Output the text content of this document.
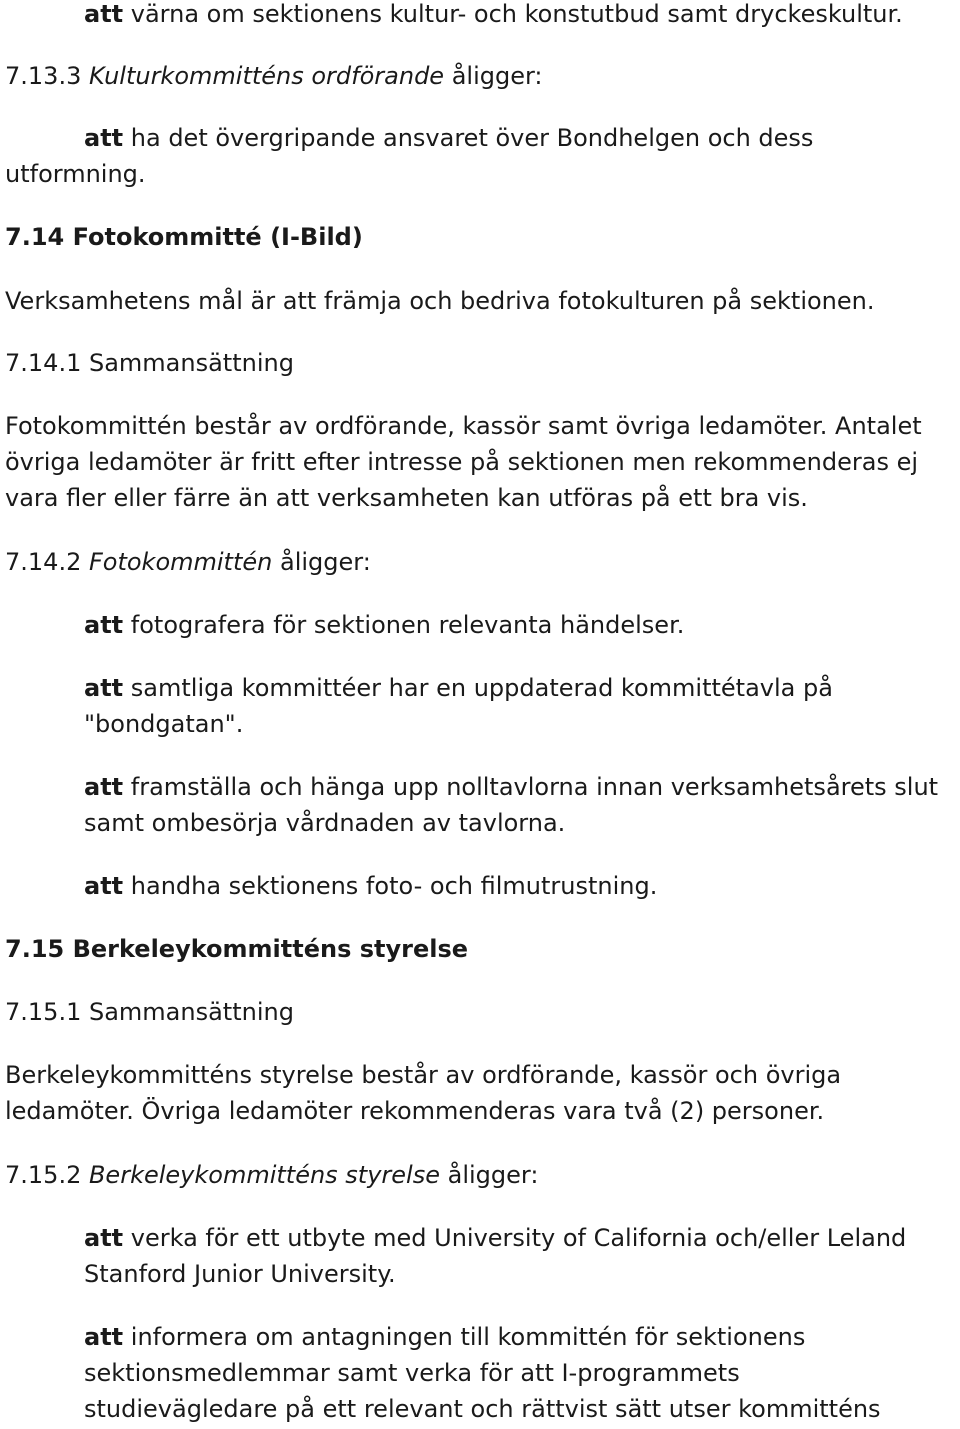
att värna om sektionens kultur- och konstutbud samt dryckeskultur.

7.13.3 Kulturkommitténs ordförande åligger:

att ha det övergripande ansvaret över Bondhelgen och dess

utformning.

7.14 Fotokommitté (I-Bild)

Verksamhetens mål är att främja och bedriva fotokulturen på sektionen.

7.14.1 Sammansättning

Fotokommittén består av ordförande, kassör samt övriga ledamöter. Antalet

övriga ledamöter är fritt efter intresse på sektionen men rekommenderas ej

vara fler eller färre än att verksamheten kan utföras på ett bra vis.

7.14.2 Fotokommittén åligger:

att fotografera för sektionen relevanta händelser.

att samtliga kommittéer har en uppdaterad kommittétavla på

"bondgatan".

att framställa och hänga upp nolltavlorna innan verksamhetsårets slut

samt ombesörja vårdnaden av tavlorna.

att handha sektionens foto- och filmutrustning.

7.15 Berkeleykommitténs styrelse

7.15.1 Sammansättning

Berkeleykommitténs styrelse består av ordförande, kassör och övriga

ledamöter. Övriga ledamöter rekommenderas vara två (2) personer.

7.15.2 Berkeleykommitténs styrelse åligger:

att verka för ett utbyte med University of California och/eller Leland

Stanford Junior University.

att informera om antagningen till kommittén för sektionens

sektionsmedlemmar samt verka för att I-programmets

studievägledare på ett relevant och rättvist sätt utser kommitténs
